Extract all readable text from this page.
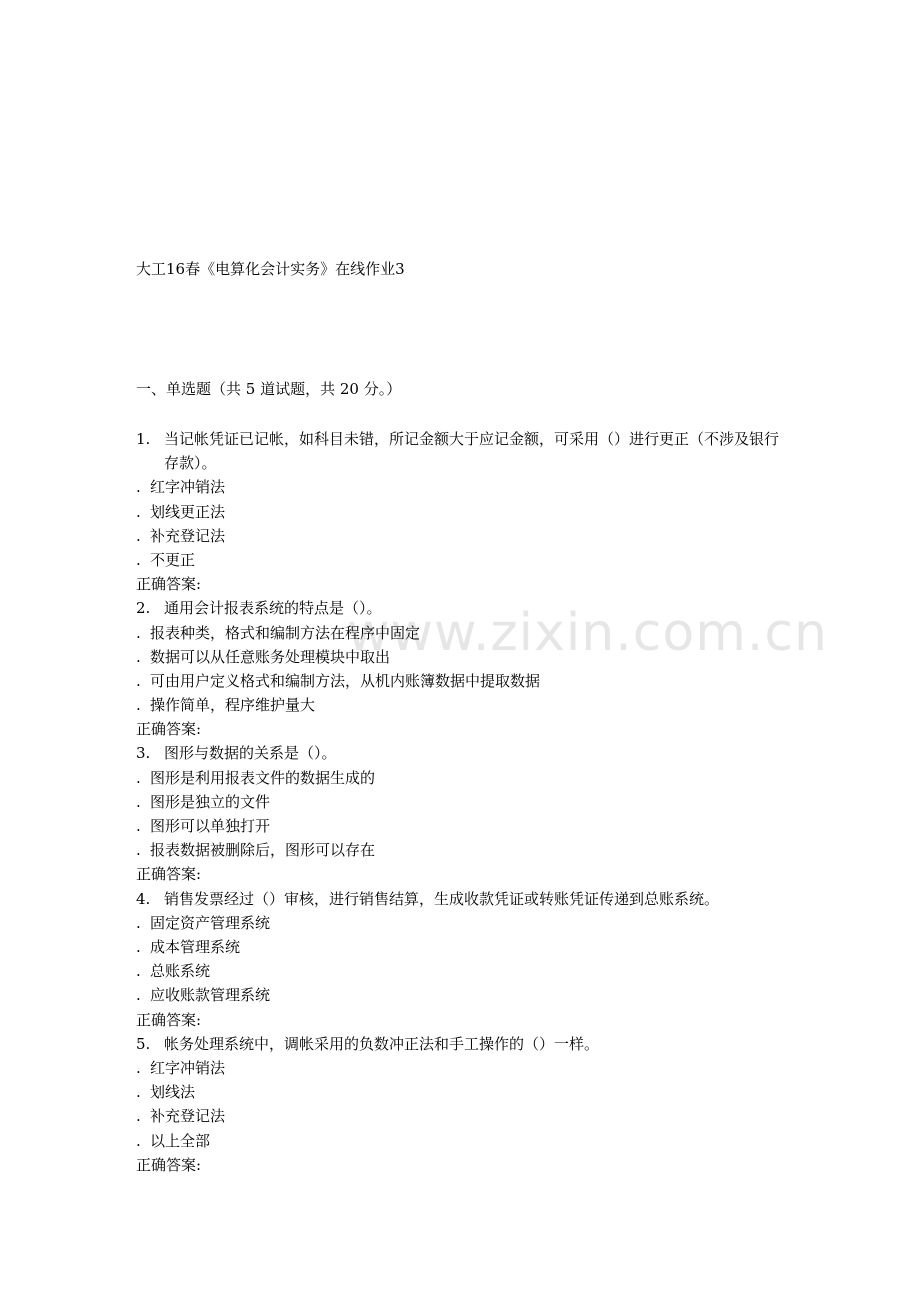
www.zixin.com.cn
大工16春《电算化会计实务》在线作业3
一、单选题（共 5 道试题，共 20 分。）
1. 当记帐凭证已记帐，如科目未错，所记金额大于应记金额，可采用（）进行更正（不涉及银行存款）。
. 红字冲销法
. 划线更正法
. 补充登记法
. 不更正
正确答案:
2. 通用会计报表系统的特点是（）。
. 报表种类，格式和编制方法在程序中固定
. 数据可以从任意账务处理模块中取出
. 可由用户定义格式和编制方法，从机内账簿数据中提取数据
. 操作简单，程序维护量大
正确答案:
3. 图形与数据的关系是（）。
. 图形是利用报表文件的数据生成的
. 图形是独立的文件
. 图形可以单独打开
. 报表数据被删除后，图形可以存在
正确答案:
4. 销售发票经过（）审核，进行销售结算，生成收款凭证或转账凭证传递到总账系统。
. 固定资产管理系统
. 成本管理系统
. 总账系统
. 应收账款管理系统
正确答案:
5. 帐务处理系统中，调帐采用的负数冲正法和手工操作的（）一样。
. 红字冲销法
. 划线法
. 补充登记法
. 以上全部
正确答案:
